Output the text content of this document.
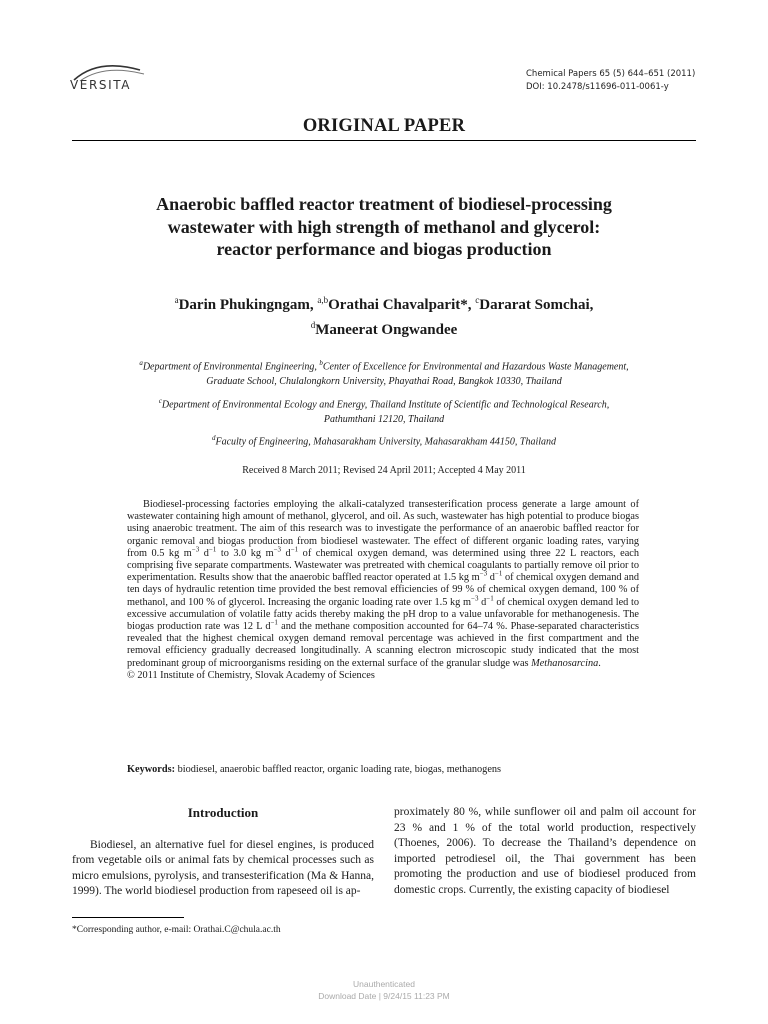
VERSITA
Chemical Papers 65 (5) 644–651 (2011)
DOI: 10.2478/s11696-011-0061-y
ORIGINAL PAPER
Anaerobic baffled reactor treatment of biodiesel-processing
wastewater with high strength of methanol and glycerol:
reactor performance and biogas production
$^a$Darin Phukingngam, $^{a,b}$Orathai Chavalparit*, $^c$Dararat Somchai,
$^d$Maneerat Ongwandee
$^a$Department of Environmental Engineering, $^b$Center of Excellence for Environmental and Hazardous Waste Management,
Graduate School, Chulalongkorn University, Phayathai Road, Bangkok 10330, Thailand
$^c$Department of Environmental Ecology and Energy, Thailand Institute of Scientific and Technological Research,
Pathumthani 12120, Thailand
$^d$Faculty of Engineering, Mahasarakham University, Mahasarakham 44150, Thailand
Received 8 March 2011; Revised 24 April 2011; Accepted 4 May 2011

Biodiesel-processing factories employing the alkali-catalyzed transesterification process generate a large amount of wastewater containing high amount of methanol, glycerol, and oil. As such, wastewater has high potential to produce biogas using anaerobic treatment. The aim of this research was to investigate the performance of an anaerobic baffled reactor for organic removal and biogas production from biodiesel wastewater. The effect of different organic loading rates, varying from 0.5 kg $m^{-3}$ $d^{-1}$ to 3.0 kg $m^{-3}$ $d^{-1}$ of chemical oxygen demand, was determined using three 22 L reactors, each comprising five separate compartments. Wastewater was pretreated with chemical coagulants to partially remove oil prior to experimentation. Results show that the anaerobic baffled reactor operated at 1.5 kg $m^{-3}$ $d^{-1}$ of chemical oxygen demand and ten days of hydraulic retention time provided the best removal efficiencies of 99 % of chemical oxygen demand, 100 % of methanol, and 100 % of glycerol. Increasing the organic loading rate over 1.5 kg $m^{-3}$ $d^{-1}$ of chemical oxygen demand led to excessive accumulation of volatile fatty acids thereby making the pH drop to a value unfavorable for methanogenesis. The biogas production rate was 12 L $d^{-1}$ and the methane composition accounted for 64–74 %. Phase-separated characteristics revealed that the highest chemical oxygen demand removal percentage was achieved in the first compartment and the removal efficiency gradually decreased longitudinally. A scanning electron microscopic study indicated that the most predominant group of microorganisms residing on the external surface of the granular sludge was Methanosarcina.

© 2011 Institute of Chemistry, Slovak Academy of Sciences
Keywords: biodiesel, anaerobic baffled reactor, organic loading rate, biogas, methanogens
Introduction

Biodiesel, an alternative fuel for diesel engines, is produced from vegetable oils or animal fats by chemical processes such as micro emulsions, pyrolysis, and transesterification (Ma & Hanna, 1999). The world biodiesel production from rapeseed oil is ap-

proximately 80 %, while sunflower oil and palm oil account for 23 % and 1 % of the total world production, respectively (Thoenes, 2006). To decrease the Thailand’s dependence on imported petrodiesel oil, the Thai government has been promoting the production and use of biodiesel produced from domestic crops. Currently, the existing capacity of biodiesel

*Corresponding author, e-mail: Orathai.C@chula.ac.th
Unauthenticated
Download Date | 9/24/15 11:23 PM
